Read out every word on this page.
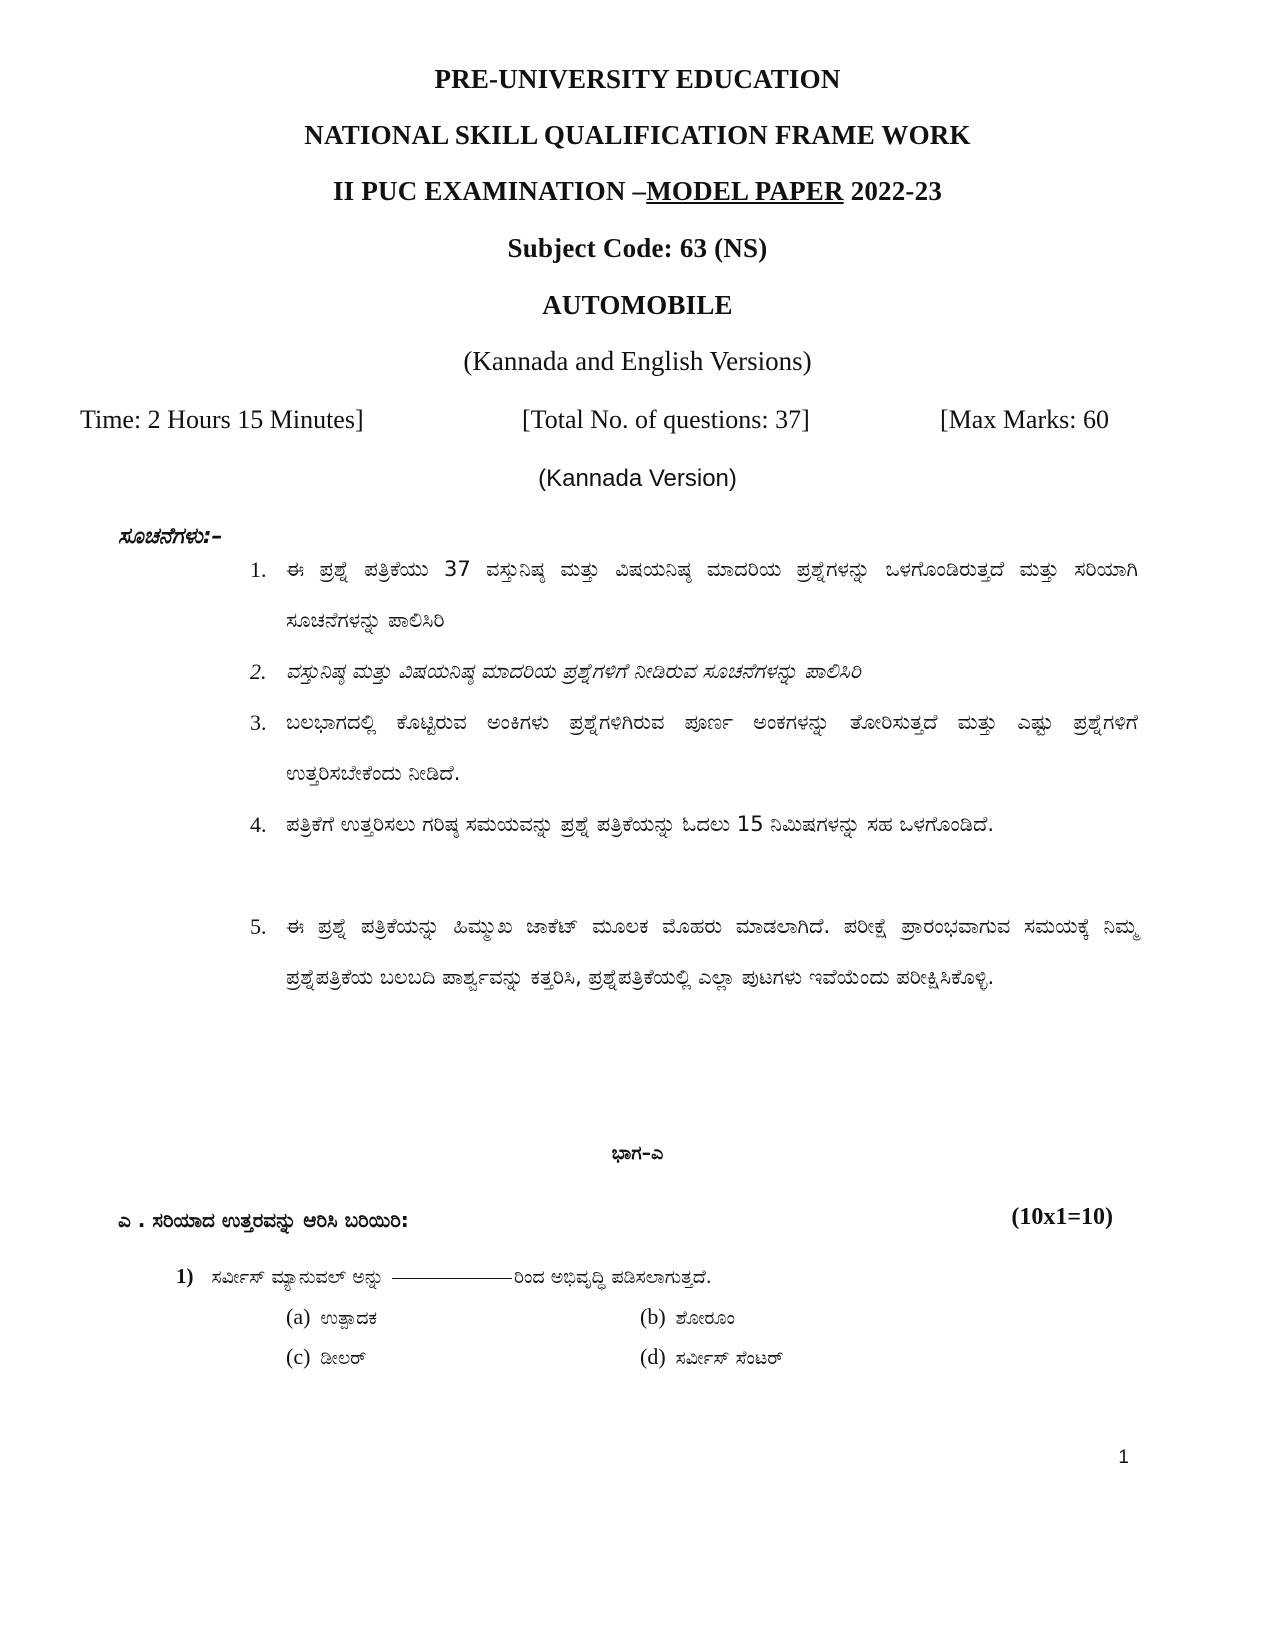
PRE-UNIVERSITY EDUCATION
NATIONAL SKILL QUALIFICATION FRAME WORK
II PUC EXAMINATION –MODEL PAPER 2022-23
Subject Code: 63 (NS)
AUTOMOBILE
(Kannada and English Versions)
Time: 2 Hours 15 Minutes]	[Total No. of questions: 37]	[Max Marks: 60
(Kannada Version)
ಸೂಚನೆಗಳು:–
1. ಈ ಪ್ರಶ್ನೆ ಪತ್ರಿಕೆಯು 37 ವಸ್ತುನಿಷ್ಠ ಮತ್ತು ವಿಷಯನಿಷ್ಠ ಮಾದರಿಯ ಪ್ರಶ್ನೆಗಳನ್ನು ಒಳಗೊಂಡಿರುತ್ತದೆ ಮತ್ತು ಸರಿಯಾಗಿ ಸೂಚನೆಗಳನ್ನು ಪಾಲಿಸಿರಿ
2. ವಸ್ತುನಿಷ್ಠ ಮತ್ತು ವಿಷಯನಿಷ್ಠ ಮಾದರಿಯ ಪ್ರಶ್ನೆಗಳಿಗೆ ನೀಡಿರುವ ಸೂಚನೆಗಳನ್ನು ಪಾಲಿಸಿರಿ
3. ಬಲಭಾಗದಲ್ಲಿ ಕೊಟ್ಟಿರುವ ಅಂಕಿಗಳು ಪ್ರಶ್ನೆಗಳಿಗಿರುವ ಪೂರ್ಣ ಅಂಕಗಳನ್ನು ತೋರಿಸುತ್ತದೆ ಮತ್ತು ಎಷ್ಟು ಪ್ರಶ್ನೆಗಳಿಗೆ ಉತ್ತರಿಸಬೇಕೆಂದು ನೀಡಿದೆ.
4. ಪತ್ರಿಕೆಗೆ ಉತ್ತರಿಸಲು ಗರಿಷ್ಠ ಸಮಯವನ್ನು ಪ್ರಶ್ನೆ ಪತ್ರಿಕೆಯನ್ನು ಓದಲು 15 ನಿಮಿಷಗಳನ್ನು ಸಹ ಒಳಗೊಂಡಿದೆ.
5. ಈ ಪ್ರಶ್ನೆ ಪತ್ರಿಕೆಯನ್ನು ಹಿಮ್ಮುಖ ಜಾಕೆಟ್ ಮೂಲಕ ಮೊಹರು ಮಾಡಲಾಗಿದೆ. ಪರೀಕ್ಷೆ ಪ್ರಾರಂಭವಾಗುವ ಸಮಯಕ್ಕೆ ನಿಮ್ಮ ಪ್ರಶ್ನೆಪತ್ರಿಕೆಯ ಬಲಬದಿ ಪಾರ್ಶ್ವವನ್ನು ಕತ್ತರಿಸಿ, ಪ್ರಶ್ನೆಪತ್ರಿಕೆಯಲ್ಲಿ ಎಲ್ಲಾ ಪುಟಗಳು ಇವೆಯೆಂದು ಪರೀಕ್ಷಿಸಿಕೊಳ್ಳಿ.
ಭಾಗ–ಎ
ಎ . ಸರಿಯಾದ ಉತ್ತರವನ್ನು ಆರಿಸಿ ಬರಿಯಿರಿ:	(10x1=10)
1) ಸರ್ವೀಸ್ ಮ್ಯಾನುವಲ್ ಅನ್ನು	ರಿಂದ ಅಭಿವೃದ್ಧಿ ಪಡಿಸಲಾಗುತ್ತದೆ.
(a) ಉತ್ಪಾದಕ	(b) ಶೋರೂಂ
(c) ಡೀಲರ್	(d) ಸರ್ವೀಸ್ ಸೆಂಟರ್
1
